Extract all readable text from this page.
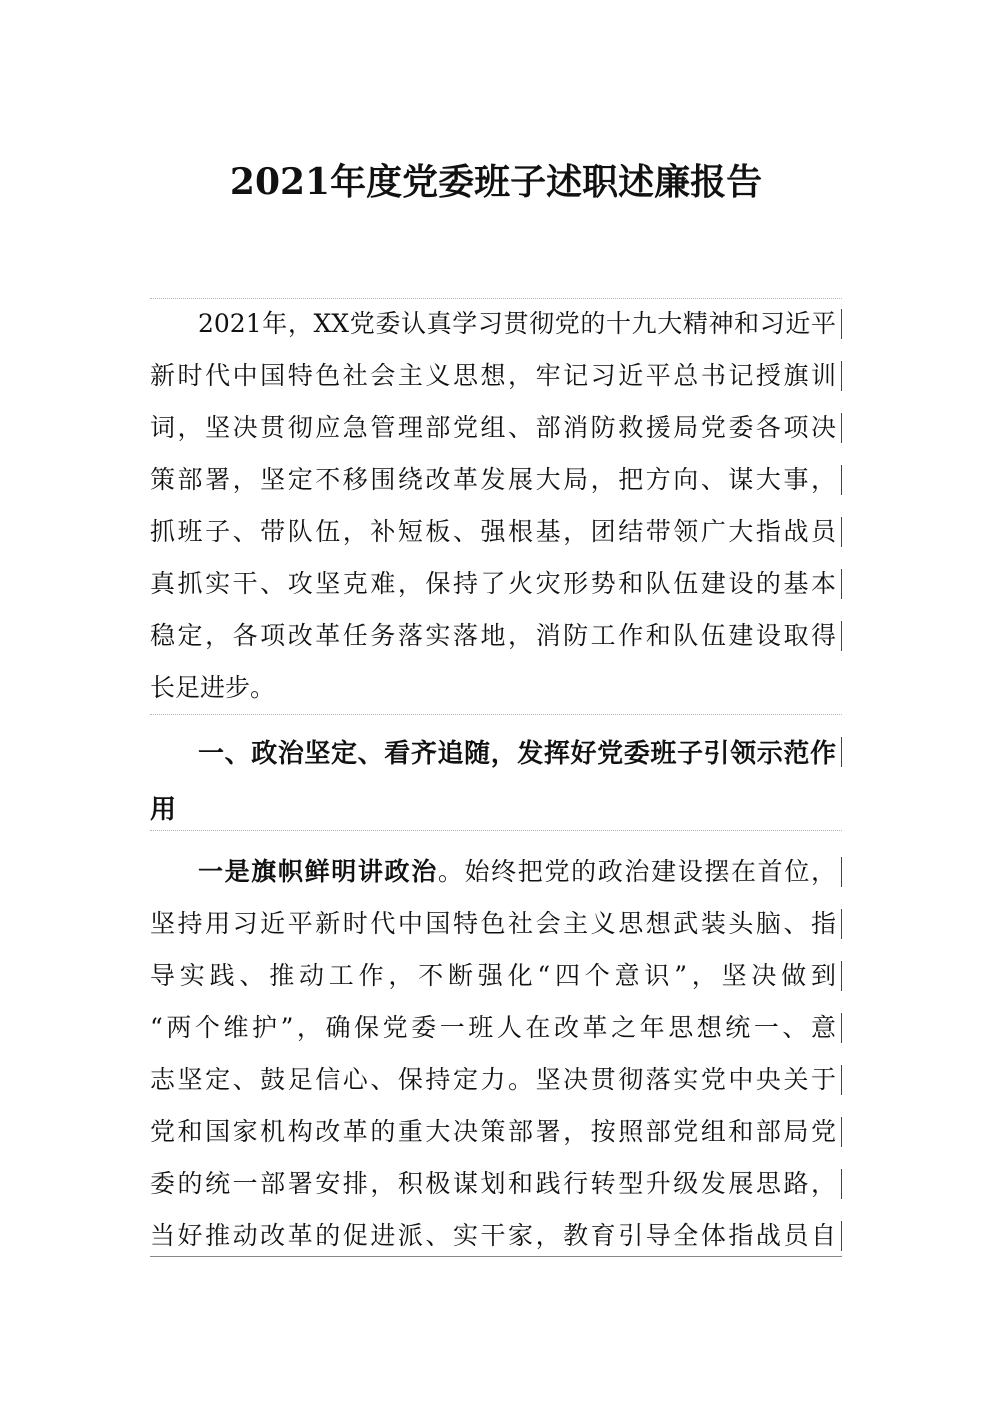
2021年度党委班子述职述廉报告
2021年，XX党委认真学习贯彻党的十九大精神和习近平
新时代中国特色社会主义思想，牢记习近平总书记授旗训
词，坚决贯彻应急管理部党组、部消防救援局党委各项决
策部署，坚定不移围绕改革发展大局，把方向、谋大事，
抓班子、带队伍，补短板、强根基，团结带领广大指战员
真抓实干、攻坚克难，保持了火灾形势和队伍建设的基本
稳定，各项改革任务落实落地，消防工作和队伍建设取得
长足进步。
一、政治坚定、看齐追随，发挥好党委班子引领示范作
用
一是旗帜鲜明讲政治。始终把党的政治建设摆在首位，
坚持用习近平新时代中国特色社会主义思想武装头脑、指
导实践、推动工作，不断强化“四个意识”，坚决做到
“两个维护”，确保党委一班人在改革之年思想统一、意
志坚定、鼓足信心、保持定力。坚决贯彻落实党中央关于
党和国家机构改革的重大决策部署，按照部党组和部局党
委的统一部署安排，积极谋划和践行转型升级发展思路，
当好推动改革的促进派、实干家，教育引导全体指战员自
